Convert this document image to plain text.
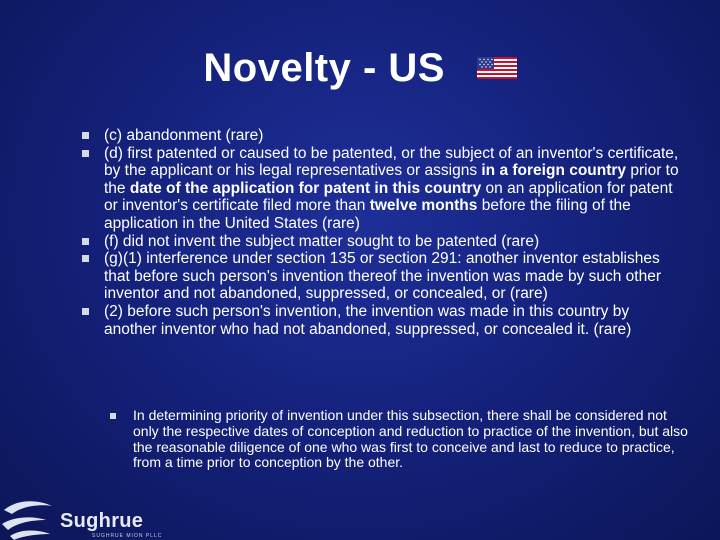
Novelty - US
(c) abandonment (rare)
(d) first patented or caused to be patented, or the subject of an inventor's certificate, by the applicant or his legal representatives or assigns in a foreign country prior to the date of the application for patent in this country on an application for patent or inventor's certificate filed more than twelve months before the filing of the application in the United States (rare)
(f) did not invent the subject matter sought to be patented (rare)
(g)(1) interference under section 135 or section 291: another inventor establishes that before such person's invention thereof the invention was made by such other inventor and not abandoned, suppressed, or concealed, or (rare)
(2) before such person's invention, the invention was made in this country by another inventor who had not abandoned, suppressed, or concealed it. (rare)
In determining priority of invention under this subsection, there shall be considered not only the respective dates of conception and reduction to practice of the invention, but also the reasonable diligence of one who was first to conceive and last to reduce to practice, from a time prior to conception by the other.
Sughrue
SUGHRUE MION PLLC
